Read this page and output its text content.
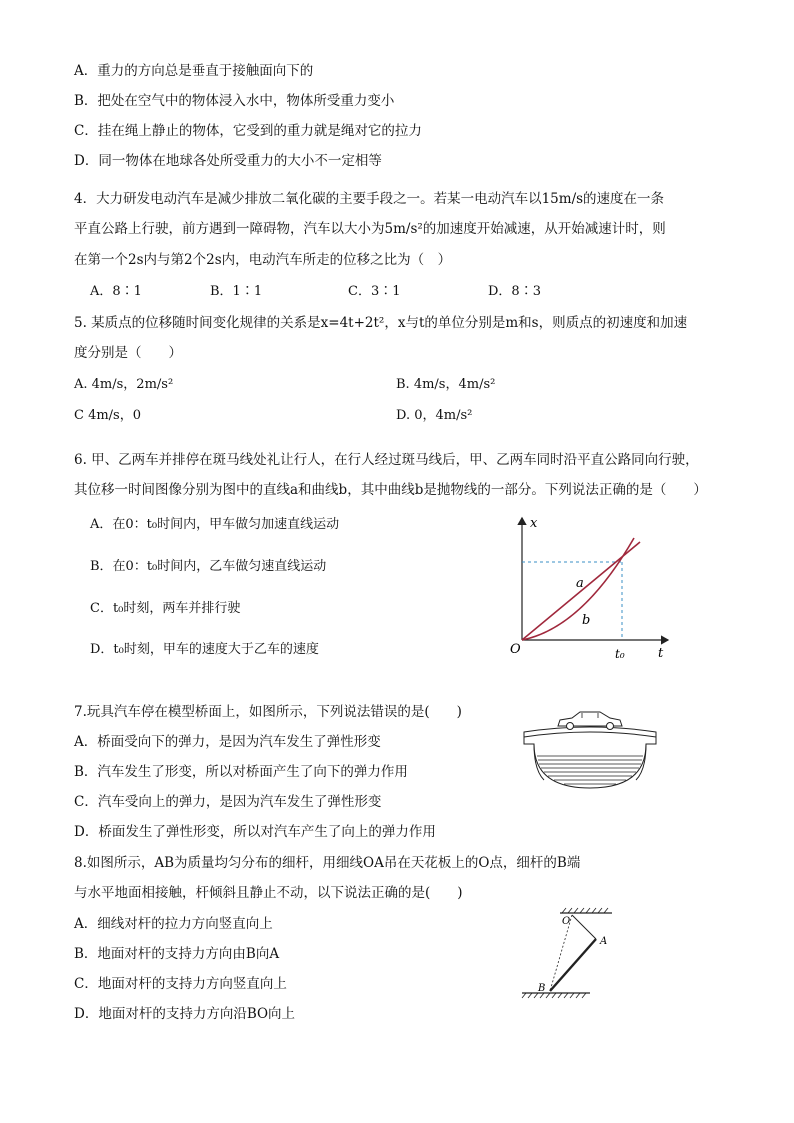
A．重力的方向总是垂直于接触面向下的
B．把处在空气中的物体浸入水中，物体所受重力变小
C．挂在绳上静止的物体，它受到的重力就是绳对它的拉力
D．同一物体在地球各处所受重力的大小不一定相等
4．大力研发电动汽车是减少排放二氧化碳的主要手段之一。若某一电动汽车以15m/s的速度在一条
平直公路上行驶，前方遇到一障碍物，汽车以大小为5m/s²的加速度开始减速，从开始减速计时，则
在第一个2s内与第2个2s内，电动汽车所走的位移之比为（　）
A．8∶1	B．1∶1	C．3∶1	D．8∶3
5. 某质点的位移随时间变化规律的关系是x=4t+2t²，x与t的单位分别是m和s，则质点的初速度和加速
度分别是（　　）
A. 4m/s，2m/s²	B. 4m/s，4m/s²
C 4m/s，0	D. 0，4m/s²
6. 甲、乙两车并排停在斑马线处礼让行人，在行人经过斑马线后，甲、乙两车同时沿平直公路同向行驶，
其位移一时间图像分别为图中的直线a和曲线b，其中曲线b是抛物线的一部分。下列说法正确的是（　　）
A．在0：t₀时间内，甲车做匀加速直线运动
B．在0：t₀时间内，乙车做匀速直线运动
C．t₀时刻，两车并排行驶
D．t₀时刻，甲车的速度大于乙车的速度
x
t
O	t₀
a
b
7.玩具汽车停在模型桥面上，如图所示，下列说法错误的是(　　)
A．桥面受向下的弹力，是因为汽车发生了弹性形变
B．汽车发生了形变，所以对桥面产生了向下的弹力作用
C．汽车受向上的弹力，是因为汽车发生了弹性形变
D．桥面发生了弹性形变，所以对汽车产生了向上的弹力作用
8.如图所示，AB为质量均匀分布的细杆，用细线OA吊在天花板上的O点，细杆的B端
与水平地面相接触，杆倾斜且静止不动，以下说法正确的是(　　)
A．细线对杆的拉力方向竖直向上
B．地面对杆的支持力方向由B向A
C．地面对杆的支持力方向竖直向上
D．地面对杆的支持力方向沿BO向上
O
A
B
